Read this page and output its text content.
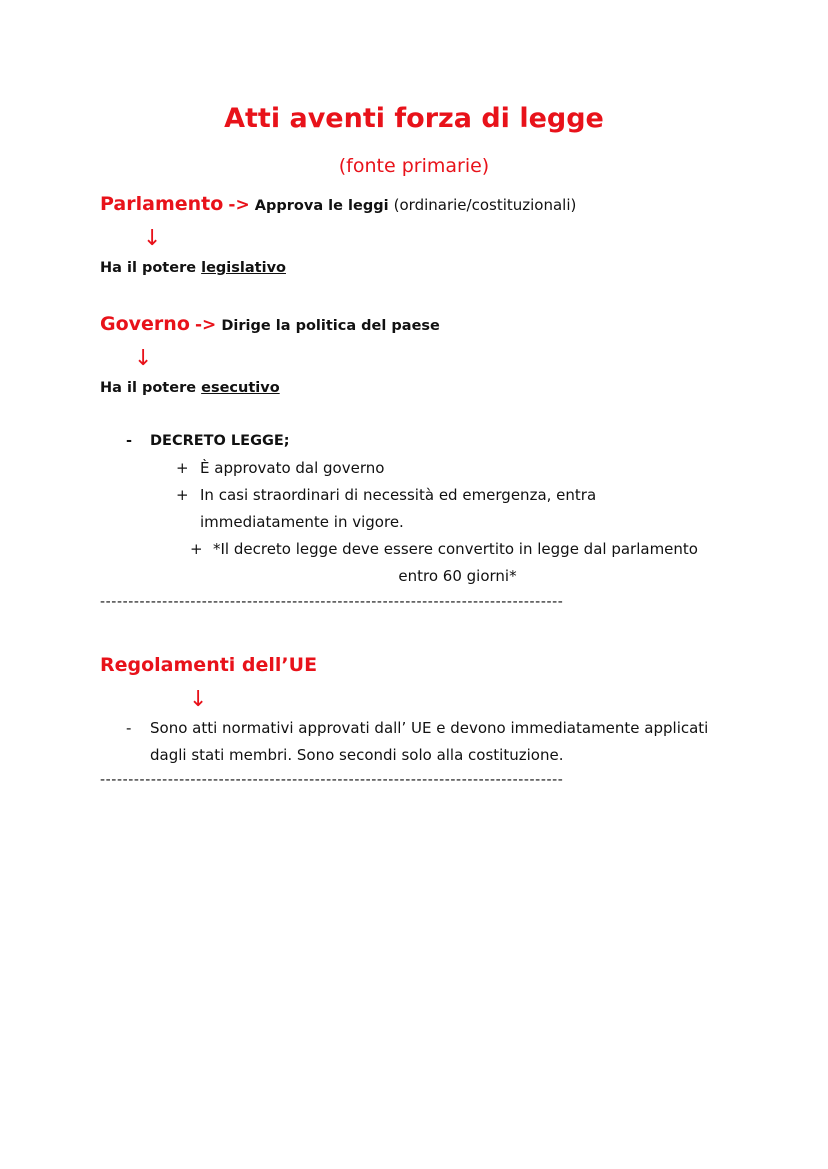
Atti aventi forza di legge
(fonte primarie)
Parlamento -> Approva le leggi (ordinarie/costituzionali)
↓
Ha il potere legislativo
Governo -> Dirige la politica del paese
↓
Ha il potere esecutivo
- DECRETO LEGGE;
+ È approvato dal governo
+ In casi straordinari di necessità ed emergenza, entra
immediatamente in vigore.
+ *Il decreto legge deve essere convertito in legge dal parlamento
entro 60 giorni*
----------------------------------------------------------------------------------
Regolamenti dell’UE
↓
- Sono atti normativi approvati dall’ UE e devono immediatamente applicati
dagli stati membri. Sono secondi solo alla costituzione.
----------------------------------------------------------------------------------
